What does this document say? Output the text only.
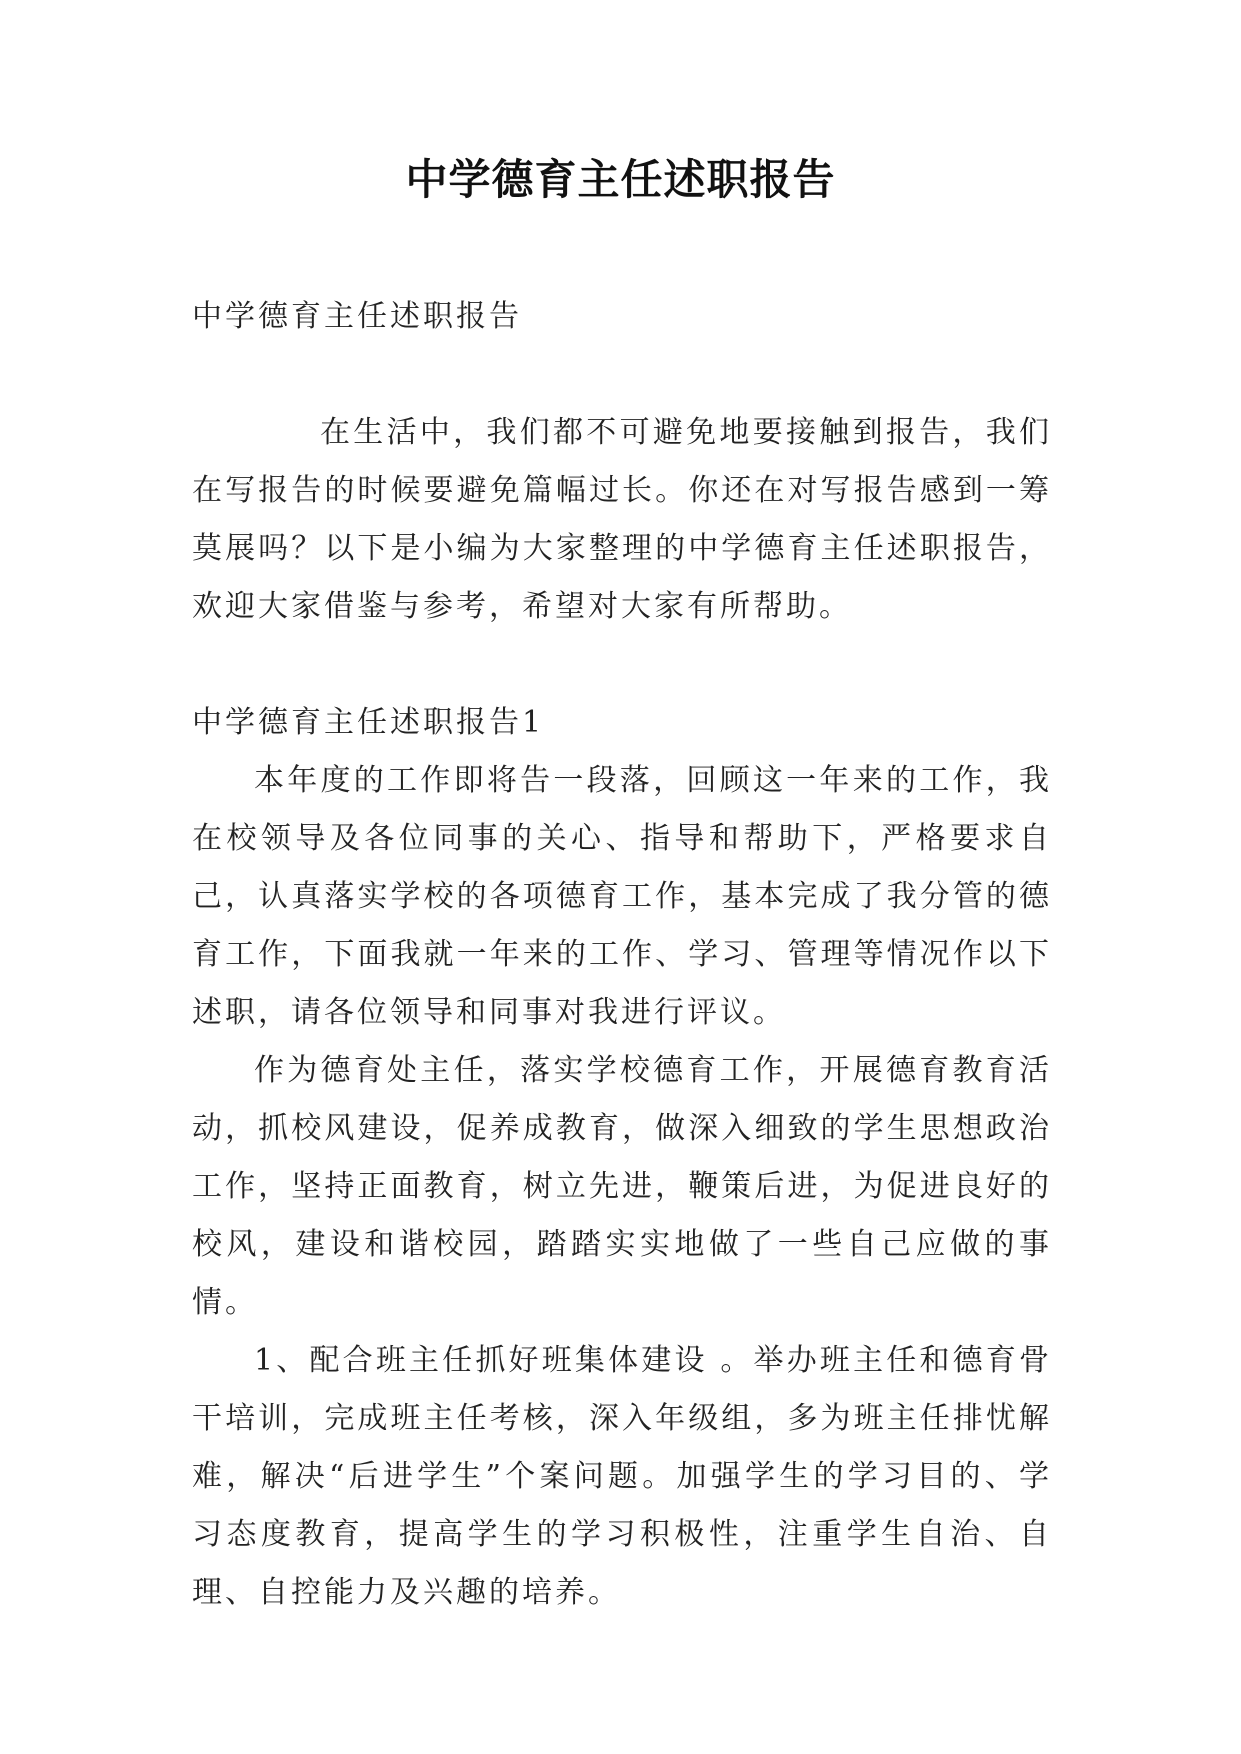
中学德育主任述职报告

中学德育主任述职报告

在生活中，我们都不可避免地要接触到报告，我们在写报告的时候要避免篇幅过长。你还在对写报告感到一筹莫展吗？以下是小编为大家整理的中学德育主任述职报告，欢迎大家借鉴与参考，希望对大家有所帮助。

中学德育主任述职报告1

本年度的工作即将告一段落，回顾这一年来的工作，我在校领导及各位同事的关心、指导和帮助下，严格要求自己，认真落实学校的各项德育工作，基本完成了我分管的德育工作，下面我就一年来的工作、学习、管理等情况作以下述职，请各位领导和同事对我进行评议。

作为德育处主任，落实学校德育工作，开展德育教育活动，抓校风建设，促养成教育，做深入细致的学生思想政治工作，坚持正面教育，树立先进，鞭策后进，为促进良好的校风，建设和谐校园，踏踏实实地做了一些自己应做的事情。

1、配合班主任抓好班集体建设 。举办班主任和德育骨干培训，完成班主任考核，深入年级组，多为班主任排忧解难，解决“后进学生”个案问题。加强学生的学习目的、学习态度教育，提高学生的学习积极性，注重学生自治、自理、自控能力及兴趣的培养。
